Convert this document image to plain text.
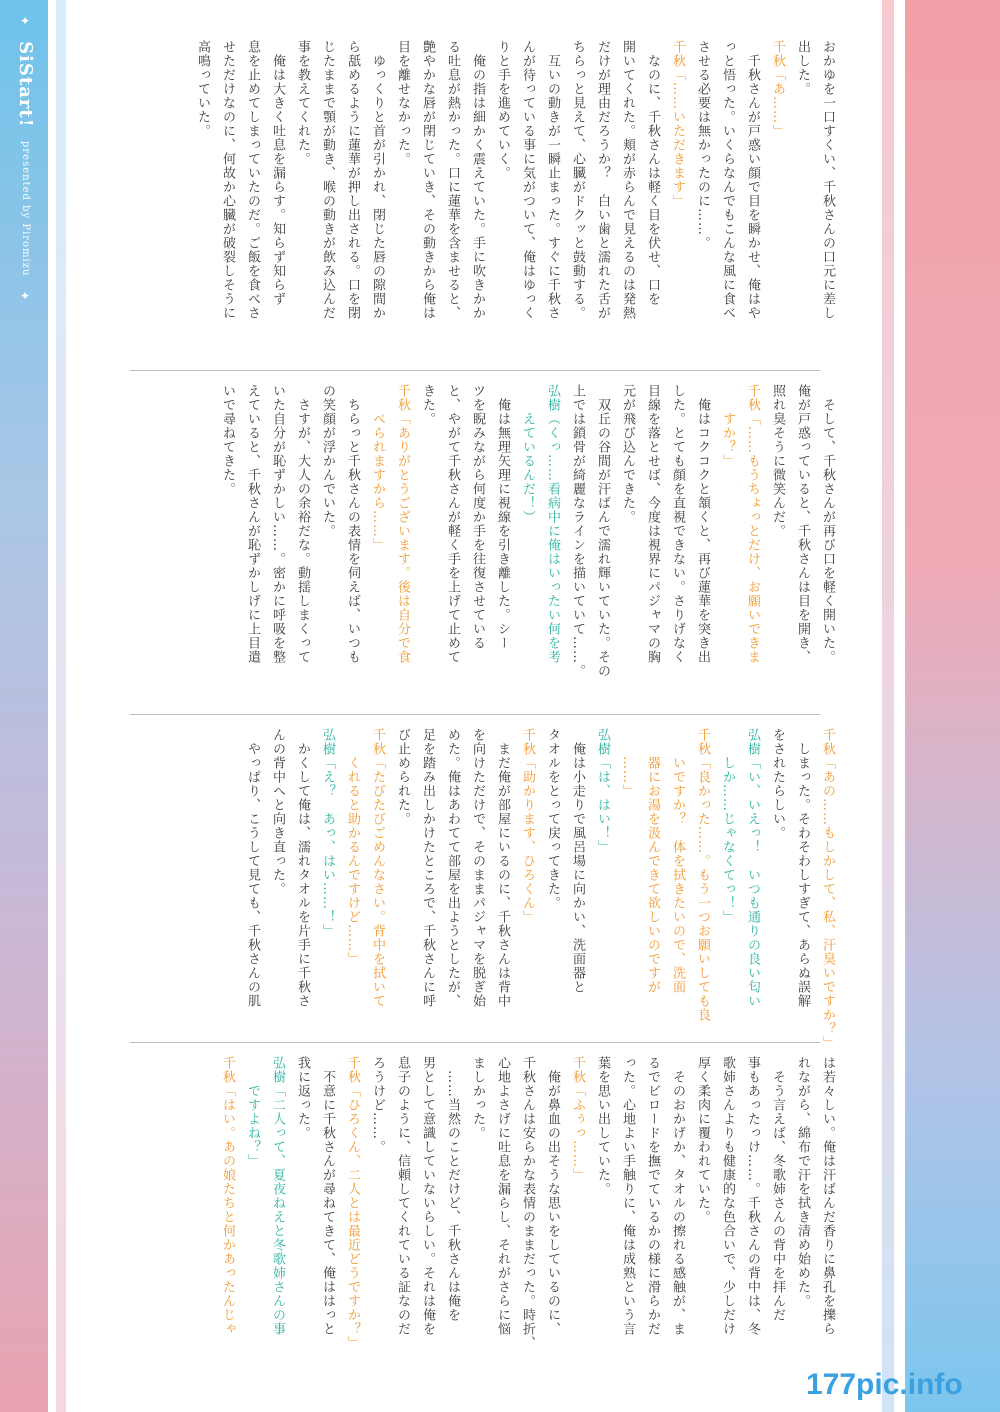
✦ SiStart! presented by Piromizu ✦	おかゆを一口すくい、千秋さんの口元に差し
出した。
千秋「あ……」
　千秋さんが戸惑い顔で目を瞬かせ、俺はや
っと悟った。いくらなんでもこんな風に食べ
させる必要は無かったのに……。
千秋「……いただきます」
　なのに、千秋さんは軽く目を伏せ、口を
開いてくれた。頬が赤らんで見えるのは発熱
だけが理由だろうか？　白い歯と濡れた舌が
ちらっと見えて、心臓がドクッと鼓動する。
　互いの動きが一瞬止まった。すぐに千秋さ
んが待っている事に気がついて、俺はゆっく
りと手を進めていく。
　俺の指は細かく震えていた。手に吹きかか
る吐息が熱かった。口に蓮華を含ませると、
艶やかな唇が閉じていき、その動きから俺は
目を離せなかった。
　ゆっくりと首が引かれ、閉じた唇の隙間か
ら舐めるように蓮華が押し出される。口を閉
じたままで顎が動き、喉の動きが飲み込んだ
事を教えてくれた。
　俺は大きく吐息を漏らす。知らず知らず
息を止めてしまっていたのだ。ご飯を食べさ
せただけなのに、何故か心臓が破裂しそうに
高鳴っていた。
　そして、千秋さんが再び口を軽く開いた。
俺が戸惑っていると、千秋さんは目を開き、
照れ臭そうに微笑んだ。
千秋「……もうちょっとだけ、お願いできま
　　すか？」
　俺はコクコクと頷くと、再び蓮華を突き出
した。とても顔を直視できない。さりげなく
目線を落とせば、今度は視界にパジャマの胸
元が飛び込んできた。
　双丘の谷間が汗ばんで濡れ輝いていた。その
上では鎖骨が綺麗なラインを描いていて……。
弘樹（くっ……看病中に俺はいったい何を考
　　えているんだ！）
　俺は無理矢理に視線を引き離した。シー
ツを睨みながら何度か手を往復させている
と、やがて千秋さんが軽く手を上げて止めて
きた。
千秋「ありがとうございます。後は自分で食
　　べられますから……」
　ちらっと千秋さんの表情を伺えば、いつも
の笑顔が浮かんでいた。
　さすが、大人の余裕だな。動揺しまくって
いた自分が恥ずかしい……。密かに呼吸を整
えていると、千秋さんが恥ずかしげに上目遣
いで尋ねてきた。
千秋「あの……もしかして、私、汗臭いですか？」
　しまった。そわそわしすぎて、あらぬ誤解
をされたらしい。
弘樹「い、いえっ！　いつも通りの良い匂い
　　しか……じゃなくてっ！」
千秋「良かった……。もう一つお願いしても良
　　いですか？　体を拭きたいので、洗面
　　器にお湯を汲んできて欲しいのですが
　　……」
弘樹「は、はい！」
　俺は小走りで風呂場に向かい、洗面器と
タオルをとって戻ってきた。
千秋「助かります、ひろくん」
　まだ俺が部屋にいるのに、千秋さんは背中
を向けただけで、そのままパジャマを脱ぎ始
めた。俺はあわてて部屋を出ようとしたが、
足を踏み出しかけたところで、千秋さんに呼
び止められた。
千秋「たびたびごめんなさい。背中を拭いて
　　くれると助かるんですけど……」
弘樹「え？　あっ、はい……！」
　かくして俺は、濡れタオルを片手に千秋さ
んの背中へと向き直った。
　やっぱり、こうして見ても、千秋さんの肌
は若々しい。俺は汗ばんだ香りに鼻孔を擽ら
れながら、綿布で汗を拭き清め始めた。
　そう言えば、冬歌姉さんの背中を拝んだ
事もあったっけ……。千秋さんの背中は、冬
歌姉さんよりも健康的な色合いで、少しだけ
厚く柔肉に覆われていた。
　そのおかげか、タオルの擦れる感触が、ま
るでビロードを撫でているかの様に滑らかだ
った。心地よい手触りに、俺は成熟という言
葉を思い出していた。
千秋「ふぅっ……」
　俺が鼻血の出そうな思いをしているのに、
千秋さんは安らかな表情のままだった。時折、
心地よさげに吐息を漏らし、それがさらに悩
ましかった。
　……当然のことだけど、千秋さんは俺を
男として意識していないらしい。それは俺を
息子のように、信頼してくれている証なのだ
ろうけど……。
千秋「ひろくん、二人とは最近どうですか？」
　不意に千秋さんが尋ねてきて、俺ははっと
我に返った。
弘樹「二人って、夏夜ねえと冬歌姉さんの事
　　ですよね？」
千秋「はい。あの娘たちと何かあったんじゃ
177pic.info
